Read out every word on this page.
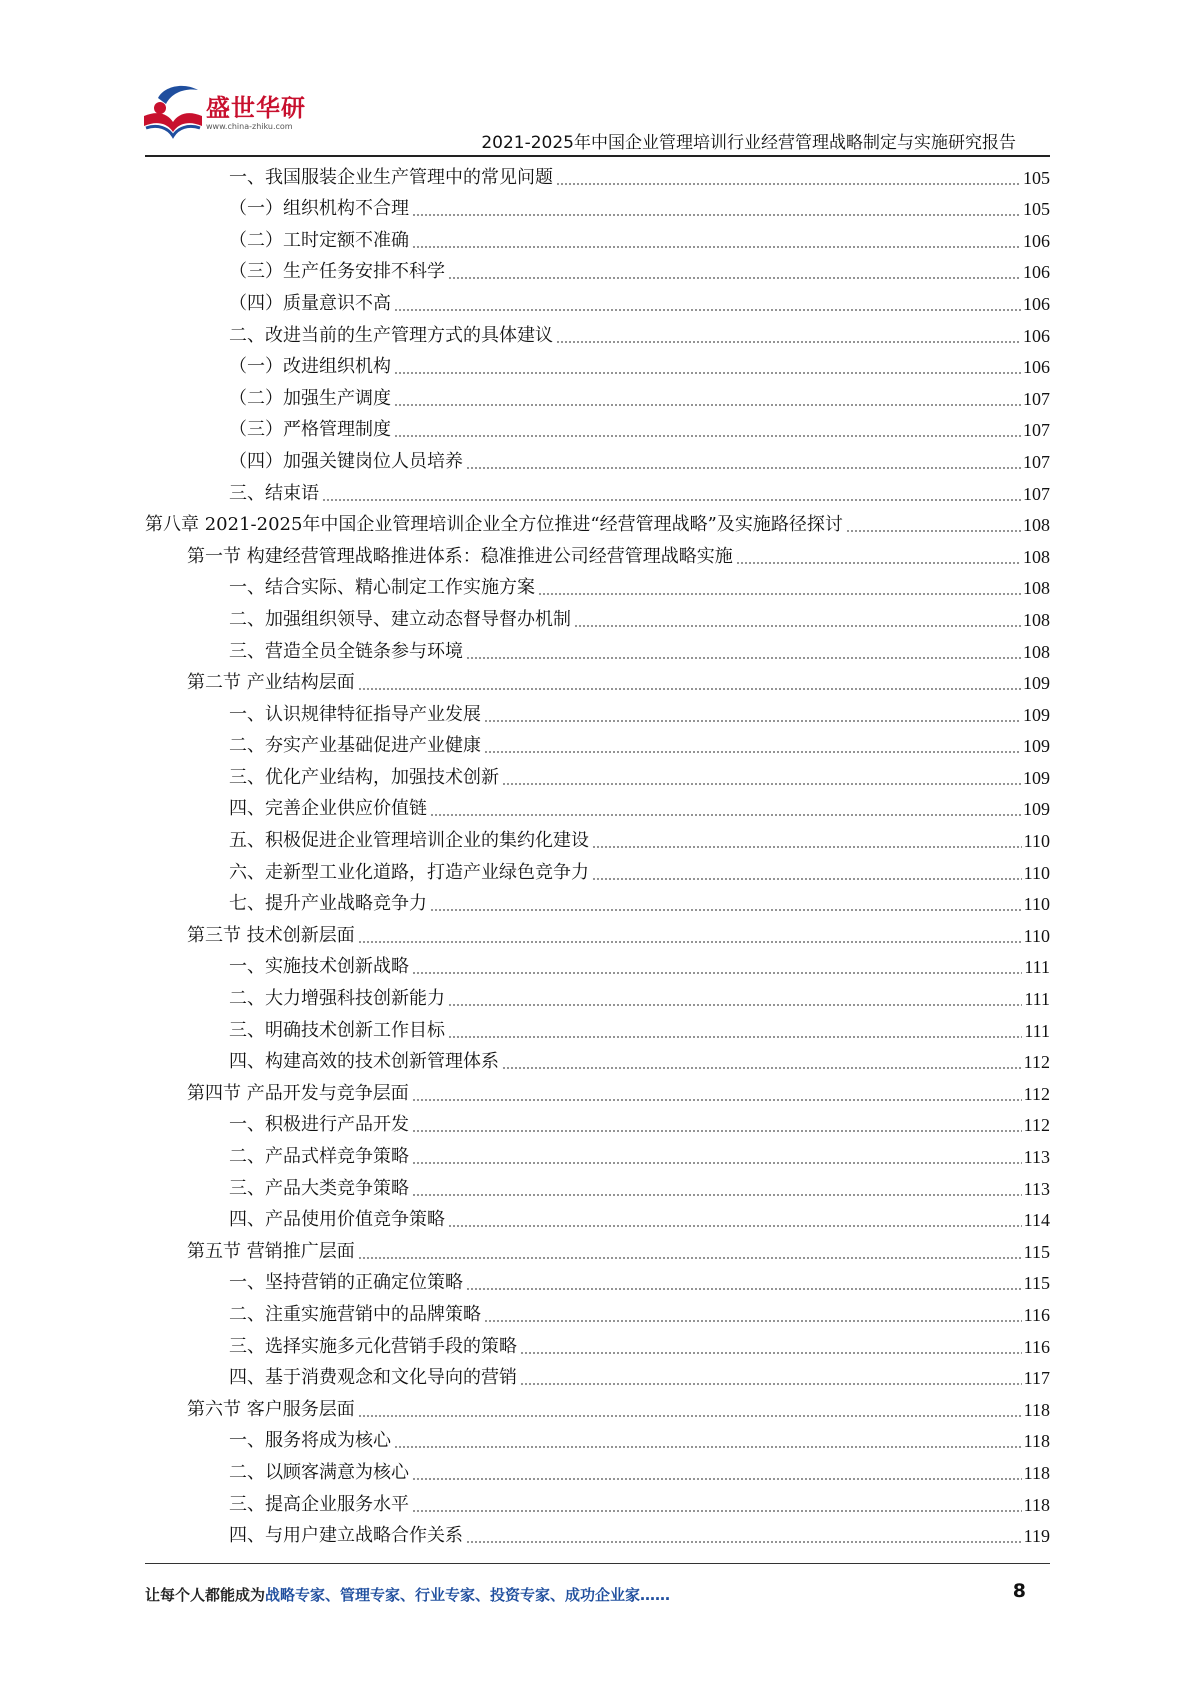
盛世华研
www.china-zhiku.com
2021-2025年中国企业管理培训行业经营管理战略制定与实施研究报告
一、我国服装企业生产管理中的常见问题	105
（一）组织机构不合理	105
（二）工时定额不准确	106
（三）生产任务安排不科学	106
（四）质量意识不高	106
二、改进当前的生产管理方式的具体建议	106
（一）改进组织机构	106
（二）加强生产调度	107
（三）严格管理制度	107
（四）加强关键岗位人员培养	107
三、结束语	107
第八章 2021-2025年中国企业管理培训企业全方位推进“经营管理战略”及实施路径探讨	108
第一节 构建经营管理战略推进体系：稳准推进公司经营管理战略实施	108
一、结合实际、精心制定工作实施方案	108
二、加强组织领导、建立动态督导督办机制	108
三、营造全员全链条参与环境	108
第二节 产业结构层面	109
一、认识规律特征指导产业发展	109
二、夯实产业基础促进产业健康	109
三、优化产业结构，加强技术创新	109
四、完善企业供应价值链	109
五、积极促进企业管理培训企业的集约化建设	110
六、走新型工业化道路，打造产业绿色竞争力	110
七、提升产业战略竞争力	110
第三节 技术创新层面	110
一、实施技术创新战略	111
二、大力增强科技创新能力	111
三、明确技术创新工作目标	111
四、构建高效的技术创新管理体系	112
第四节 产品开发与竞争层面	112
一、积极进行产品开发	112
二、产品式样竞争策略	113
三、产品大类竞争策略	113
四、产品使用价值竞争策略	114
第五节 营销推广层面	115
一、坚持营销的正确定位策略	115
二、注重实施营销中的品牌策略	116
三、选择实施多元化营销手段的策略	116
四、基于消费观念和文化导向的营销	117
第六节 客户服务层面	118
一、服务将成为核心	118
二、以顾客满意为核心	118
三、提高企业服务水平	118
四、与用户建立战略合作关系	119
让每个人都能成为战略专家、管理专家、行业专家、投资专家、成功企业家……	8
